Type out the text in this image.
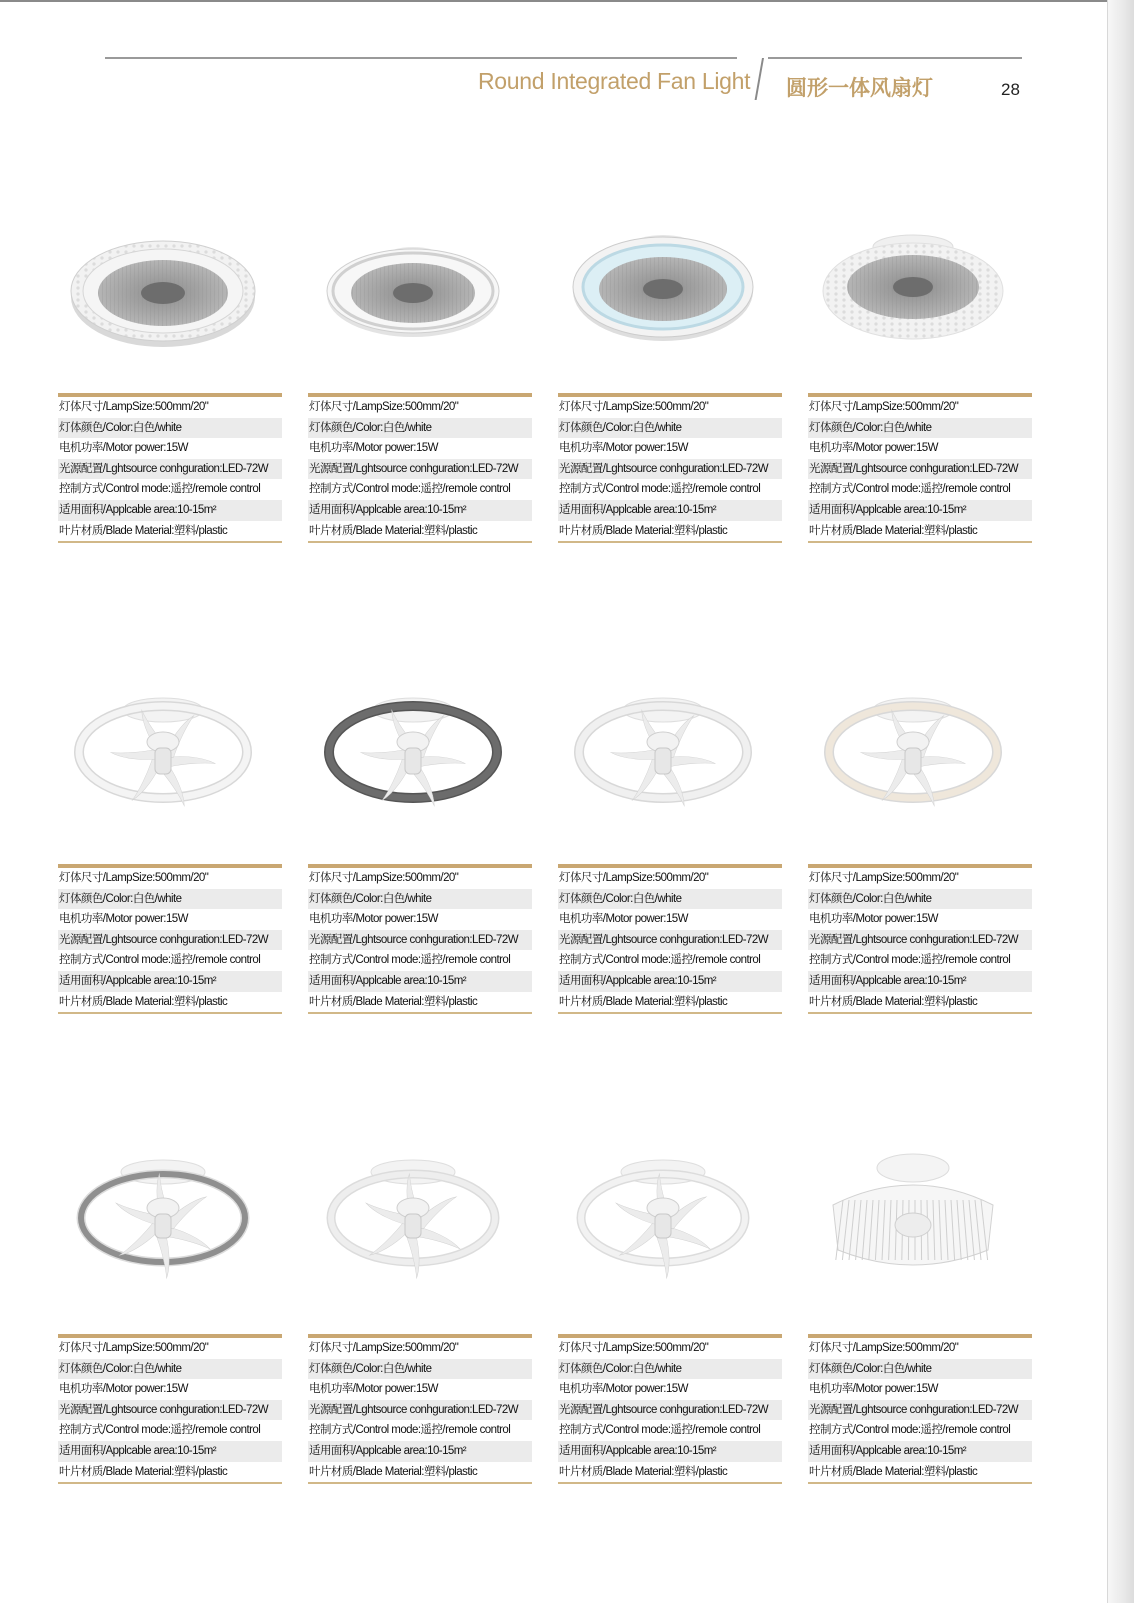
Round Integrated Fan Light 圆形一体风扇灯	28
灯体尺寸/LampSize:500mm/20"
灯体颜色/Color:白色/white
电机功率/Motor power:15W
光源配置/Lghtsource conhguration:LED-72W
控制方式/Control mode:遥控/remole control
适用面积/Applcable area:10-15m²
叶片材质/Blade Material:塑料/plastic
灯体尺寸/LampSize:500mm/20"
灯体颜色/Color:白色/white
电机功率/Motor power:15W
光源配置/Lghtsource conhguration:LED-72W
控制方式/Control mode:遥控/remole control
适用面积/Applcable area:10-15m²
叶片材质/Blade Material:塑料/plastic
灯体尺寸/LampSize:500mm/20"
灯体颜色/Color:白色/white
电机功率/Motor power:15W
光源配置/Lghtsource conhguration:LED-72W
控制方式/Control mode:遥控/remole control
适用面积/Applcable area:10-15m²
叶片材质/Blade Material:塑料/plastic
灯体尺寸/LampSize:500mm/20"
灯体颜色/Color:白色/white
电机功率/Motor power:15W
光源配置/Lghtsource conhguration:LED-72W
控制方式/Control mode:遥控/remole control
适用面积/Applcable area:10-15m²
叶片材质/Blade Material:塑料/plastic
灯体尺寸/LampSize:500mm/20"
灯体颜色/Color:白色/white
电机功率/Motor power:15W
光源配置/Lghtsource conhguration:LED-72W
控制方式/Control mode:遥控/remole control
适用面积/Applcable area:10-15m²
叶片材质/Blade Material:塑料/plastic
灯体尺寸/LampSize:500mm/20"
灯体颜色/Color:白色/white
电机功率/Motor power:15W
光源配置/Lghtsource conhguration:LED-72W
控制方式/Control mode:遥控/remole control
适用面积/Applcable area:10-15m²
叶片材质/Blade Material:塑料/plastic
灯体尺寸/LampSize:500mm/20"
灯体颜色/Color:白色/white
电机功率/Motor power:15W
光源配置/Lghtsource conhguration:LED-72W
控制方式/Control mode:遥控/remole control
适用面积/Applcable area:10-15m²
叶片材质/Blade Material:塑料/plastic
灯体尺寸/LampSize:500mm/20"
灯体颜色/Color:白色/white
电机功率/Motor power:15W
光源配置/Lghtsource conhguration:LED-72W
控制方式/Control mode:遥控/remole control
适用面积/Applcable area:10-15m²
叶片材质/Blade Material:塑料/plastic
灯体尺寸/LampSize:500mm/20"
灯体颜色/Color:白色/white
电机功率/Motor power:15W
光源配置/Lghtsource conhguration:LED-72W
控制方式/Control mode:遥控/remole control
适用面积/Applcable area:10-15m²
叶片材质/Blade Material:塑料/plastic
灯体尺寸/LampSize:500mm/20"
灯体颜色/Color:白色/white
电机功率/Motor power:15W
光源配置/Lghtsource conhguration:LED-72W
控制方式/Control mode:遥控/remole control
适用面积/Applcable area:10-15m²
叶片材质/Blade Material:塑料/plastic
灯体尺寸/LampSize:500mm/20"
灯体颜色/Color:白色/white
电机功率/Motor power:15W
光源配置/Lghtsource conhguration:LED-72W
控制方式/Control mode:遥控/remole control
适用面积/Applcable area:10-15m²
叶片材质/Blade Material:塑料/plastic
灯体尺寸/LampSize:500mm/20"
灯体颜色/Color:白色/white
电机功率/Motor power:15W
光源配置/Lghtsource conhguration:LED-72W
控制方式/Control mode:遥控/remole control
适用面积/Applcable area:10-15m²
叶片材质/Blade Material:塑料/plastic
